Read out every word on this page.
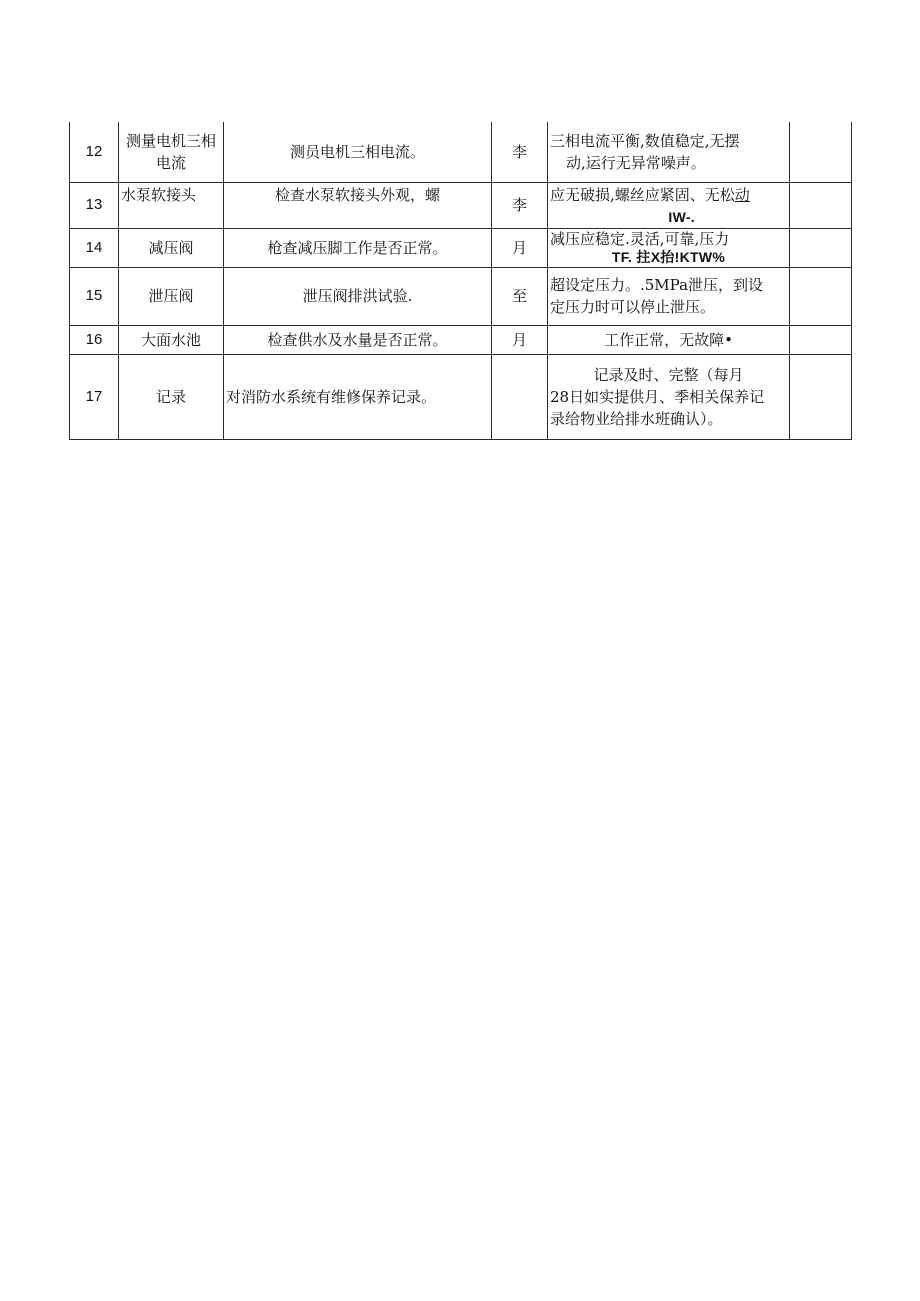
12	测量电机三相
电流	测员电机三相电流。	李	三相电流平衡,数值稳定,无摆
动,运行无异常噪声。	

13	水泵软接头	检查水泵软接头外观，螺	李	应无破损,螺丝应紧固、无松动
IW-.	

14	减压阀	枪查减压脚工作是否正常。	月	减压应稳定.灵活,可靠,压力
TF. 拄X抬!KTW%	

15	泄压阀	泄压阀排洪试验.	至	超设定压力。.5MPa泄压，到设
定压力时可以停止泄压。	

16	大面水池	检查供水及水量是否正常。	月	工作正常，无故障•	
17	记录	对消防水系统有维修保养记录。		记录及时、完整（每月
28日如实提供月、季相关保养记
录给物业给排水班确认）。	
